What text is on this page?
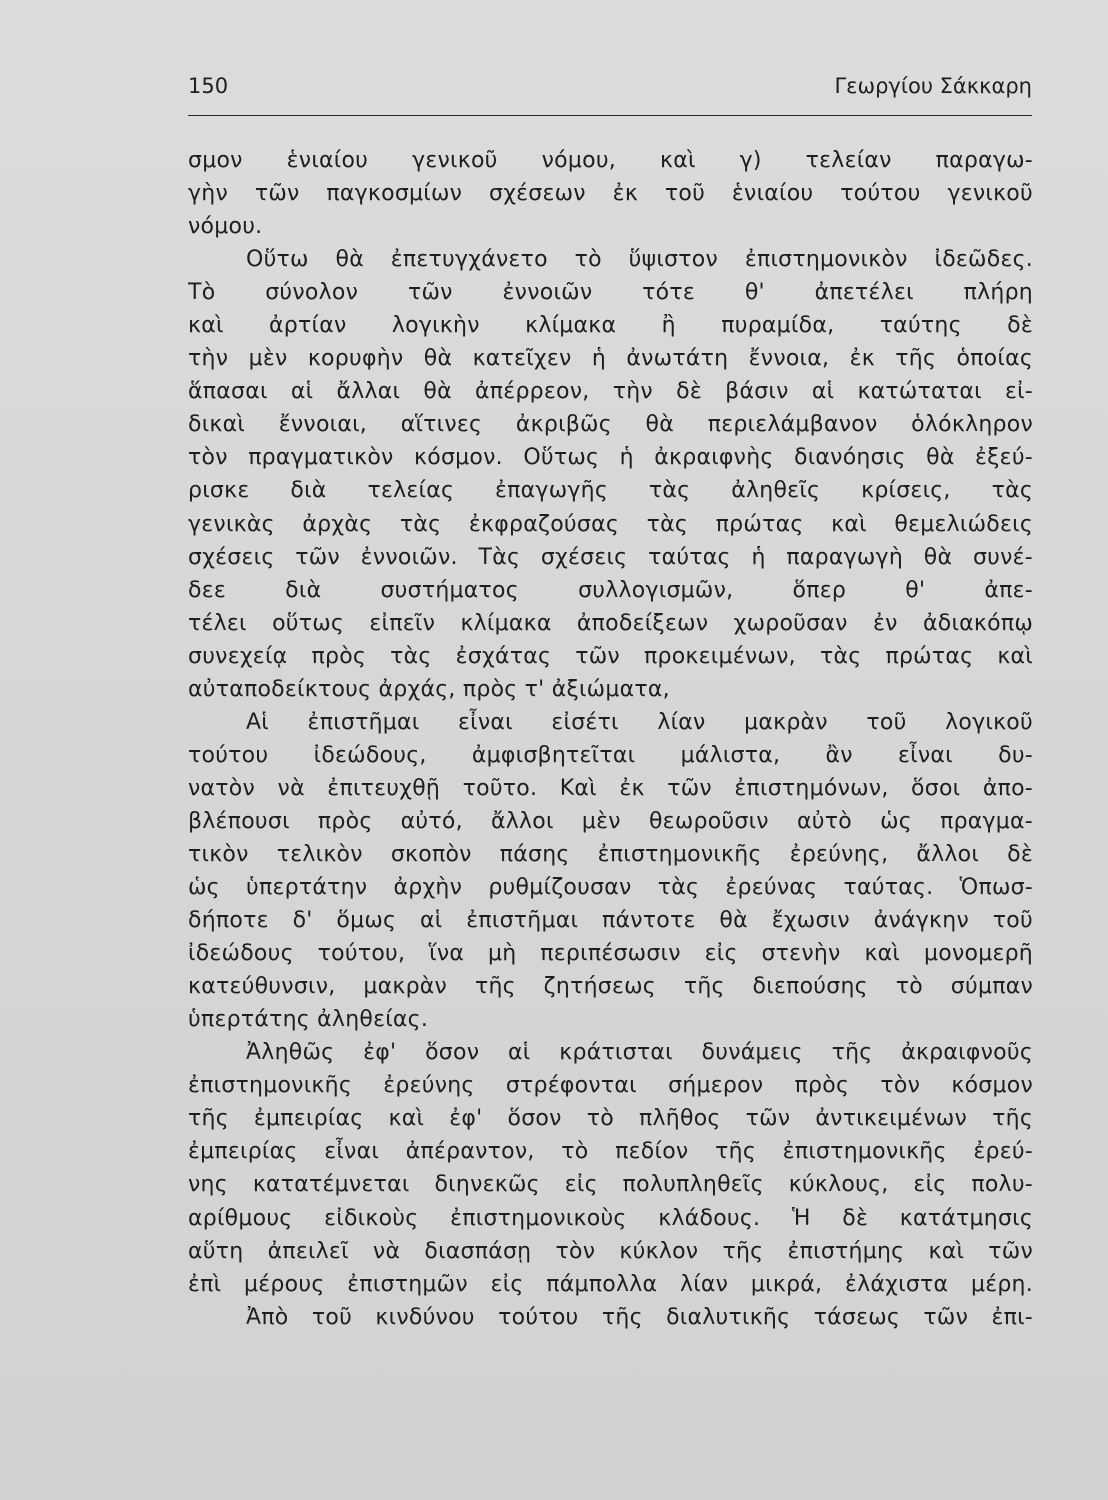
150	Γεωργίου Σάκκαρη
σμον ἑνιαίου γενικοῦ νόμου, καὶ γ) τελείαν παραγω-
γὴν τῶν παγκοσμίων σχέσεων ἐκ τοῦ ἑνιαίου τούτου γενικοῦ
νόμου.
Οὕτω θὰ ἐπετυγχάνετο τὸ ὕψιστον ἐπιστημονικὸν ἰδεῶδες.
Τὸ σύνολον τῶν ἐννοιῶν τότε θ' ἀπετέλει πλήρη
καὶ ἀρτίαν λογικὴν κλίμακα ἢ πυραμίδα, ταύτης δὲ
τὴν μὲν κορυφὴν θὰ κατεῖχεν ἡ ἀνωτάτη ἔννοια, ἐκ τῆς ὁποίας
ἅπασαι αἱ ἄλλαι θὰ ἀπέρρεον, τὴν δὲ βάσιν αἱ κατώταται εἰ-
δικαὶ ἔννοιαι, αἵτινες ἀκριβῶς θὰ περιελάμβανον ὁλόκληρον
τὸν πραγματικὸν κόσμον. Οὕτως ἡ ἀκραιφνὴς διανόησις θὰ ἐξεύ-
ρισκε διὰ τελείας ἐπαγωγῆς τὰς ἀληθεῖς κρίσεις, τὰς
γενικὰς ἀρχὰς τὰς ἐκφραζούσας τὰς πρώτας καὶ θεμελιώδεις
σχέσεις τῶν ἐννοιῶν. Τὰς σχέσεις ταύτας ἡ παραγωγὴ θὰ συνέ-
δεε διὰ συστήματος συλλογισμῶν, ὅπερ θ' ἀπε-
τέλει οὕτως εἰπεῖν κλίμακα ἀποδείξεων χωροῦσαν ἐν ἀδιακόπῳ
συνεχείᾳ πρὸς τὰς ἐσχάτας τῶν προκειμένων, τὰς πρώτας καὶ
αὐταποδείκτους ἀρχάς, πρὸς τ' ἀξιώματα,
Αἱ ἐπιστῆμαι εἶναι εἰσέτι λίαν μακρὰν τοῦ λογικοῦ
τούτου ἰδεώδους, ἀμφισβητεῖται μάλιστα, ἂν εἶναι δυ-
νατὸν νὰ ἐπιτευχθῇ τοῦτο. Καὶ ἐκ τῶν ἐπιστημόνων, ὅσοι ἀπο-
βλέπουσι πρὸς αὐτό, ἄλλοι μὲν θεωροῦσιν αὐτὸ ὡς πραγμα-
τικὸν τελικὸν σκοπὸν πάσης ἐπιστημονικῆς ἐρεύνης, ἄλλοι δὲ
ὡς ὑπερτάτην ἀρχὴν ρυθμίζουσαν τὰς ἐρεύνας ταύτας. Ὁπωσ-
δήποτε δ' ὅμως αἱ ἐπιστῆμαι πάντοτε θὰ ἔχωσιν ἀνάγκην τοῦ
ἰδεώδους τούτου, ἵνα μὴ περιπέσωσιν εἰς στενὴν καὶ μονομερῆ
κατεύθυνσιν, μακρὰν τῆς ζητήσεως τῆς διεπούσης τὸ σύμπαν
ὑπερτάτης ἀληθείας.
Ἀληθῶς ἐφ' ὅσον αἱ κράτισται δυνάμεις τῆς ἀκραιφνοῦς
ἐπιστημονικῆς ἐρεύνης στρέφονται σήμερον πρὸς τὸν κόσμον
τῆς ἐμπειρίας καὶ ἐφ' ὅσον τὸ πλῆθος τῶν ἀντικειμένων τῆς
ἐμπειρίας εἶναι ἀπέραντον, τὸ πεδίον τῆς ἐπιστημονικῆς ἐρεύ-
νης κατατέμνεται διηνεκῶς εἰς πολυπληθεῖς κύκλους, εἰς πολυ-
αρίθμους εἰδικοὺς ἐπιστημονικοὺς κλάδους. Ἡ δὲ κατάτμησις
αὕτη ἀπειλεῖ νὰ διασπάσῃ τὸν κύκλον τῆς ἐπιστήμης καὶ τῶν
ἐπὶ μέρους ἐπιστημῶν εἰς πάμπολλα λίαν μικρά, ἐλάχιστα μέρη.
Ἀπὸ τοῦ κινδύνου τούτου τῆς διαλυτικῆς τάσεως τῶν ἐπι-
